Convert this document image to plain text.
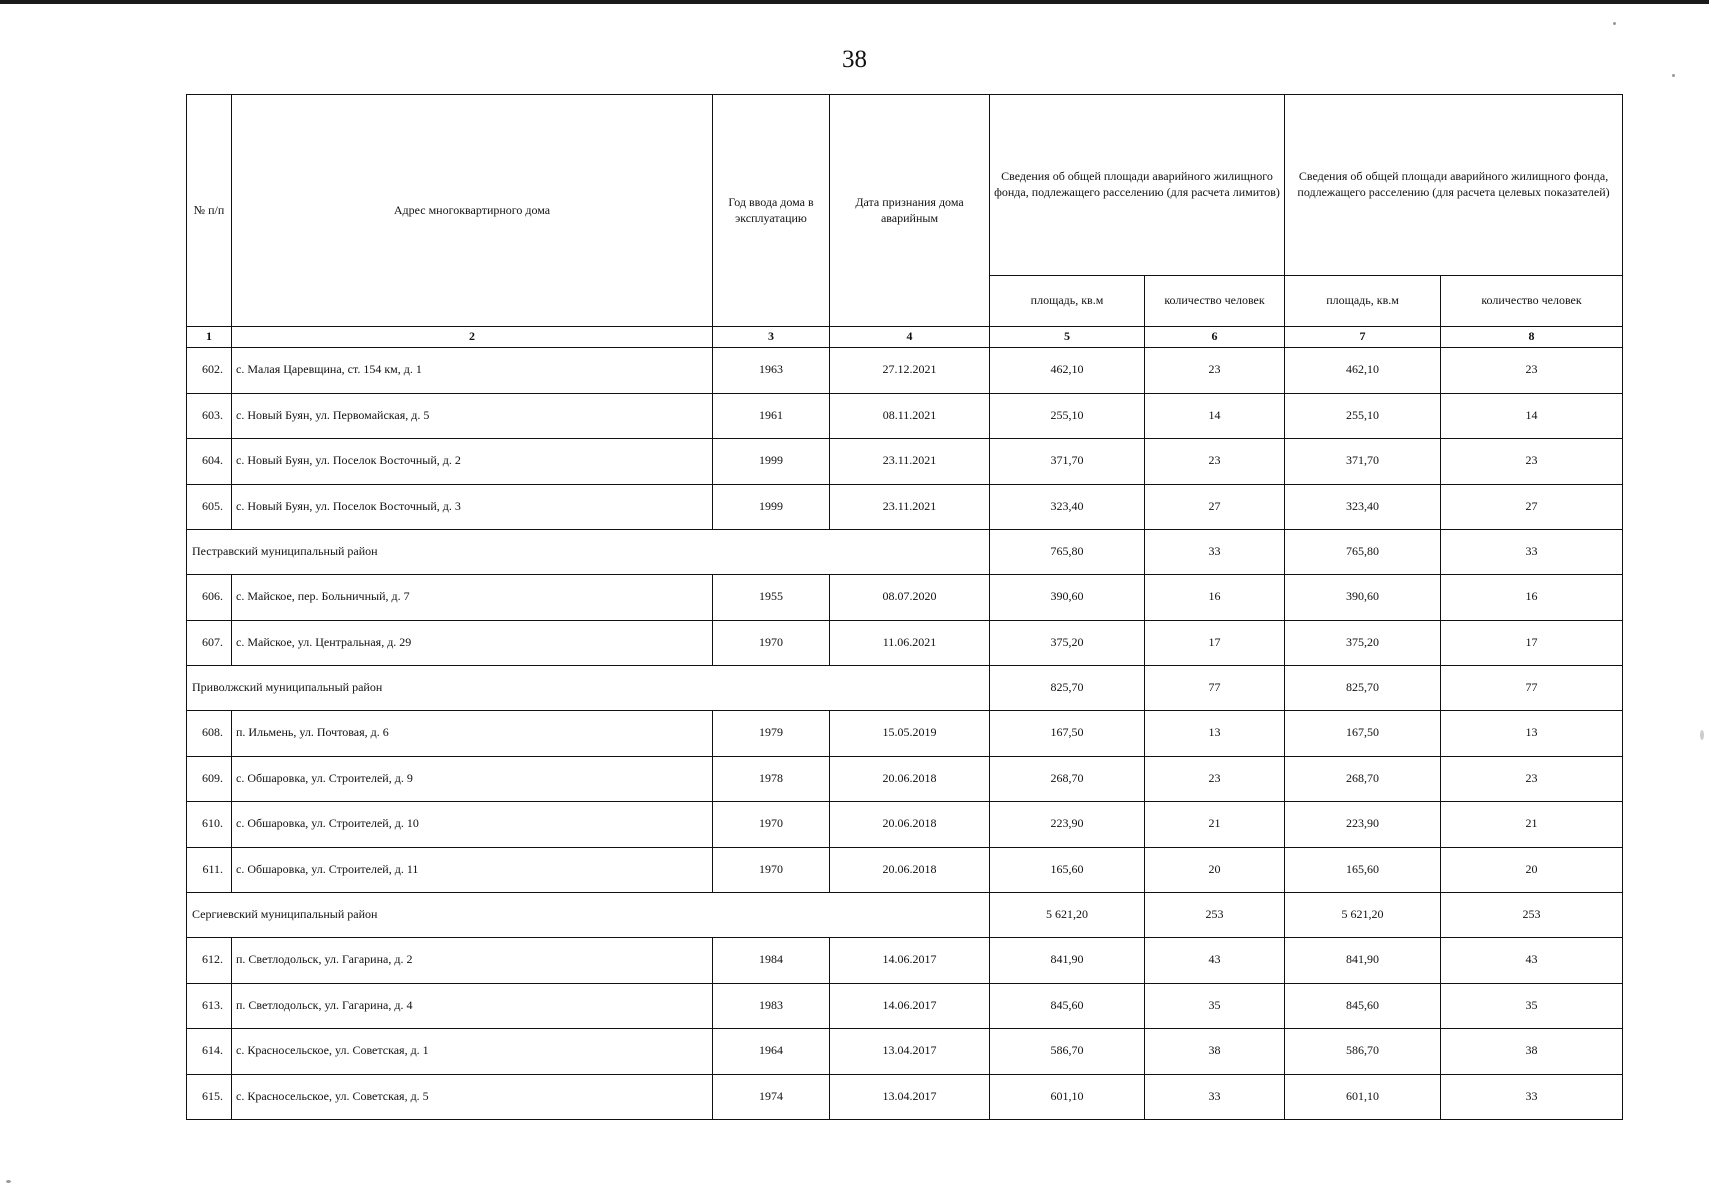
38
№ п/п	Адрес многоквартирного дома	Год ввода дома в эксплуатацию	Дата признания дома аварийным	Сведения об общей площади аварийного жилищного фонда, подлежащего расселению (для расчета лимитов)		Сведения об общей площади аварийного жилищного фонда, подлежащего расселению (для расчета целевых показателей)	
				площадь, кв.м	количество человек	площадь, кв.м	количество человек
1	2	3	4	5	6	7	8
602.	с. Малая Царевщина, ст. 154 км, д. 1	1963	27.12.2021	462,10	23	462,10	23
603.	с. Новый Буян, ул. Первомайская, д. 5	1961	08.11.2021	255,10	14	255,10	14
604.	с. Новый Буян, ул. Поселок Восточный, д. 2	1999	23.11.2021	371,70	23	371,70	23
605.	с. Новый Буян, ул. Поселок Восточный, д. 3	1999	23.11.2021	323,40	27	323,40	27
Пестравский муниципальный район				765,80	33	765,80	33
606.	с. Майское, пер. Больничный, д. 7	1955	08.07.2020	390,60	16	390,60	16
607.	с. Майское, ул. Центральная, д. 29	1970	11.06.2021	375,20	17	375,20	17
Приволжский муниципальный район				825,70	77	825,70	77
608.	п. Ильмень, ул. Почтовая, д. 6	1979	15.05.2019	167,50	13	167,50	13
609.	с. Обшаровка, ул. Строителей, д. 9	1978	20.06.2018	268,70	23	268,70	23
610.	с. Обшаровка, ул. Строителей, д. 10	1970	20.06.2018	223,90	21	223,90	21
611.	с. Обшаровка, ул. Строителей, д. 11	1970	20.06.2018	165,60	20	165,60	20
Сергиевский муниципальный район				5 621,20	253	5 621,20	253
612.	п. Светлодольск, ул. Гагарина, д. 2	1984	14.06.2017	841,90	43	841,90	43
613.	п. Светлодольск, ул. Гагарина, д. 4	1983	14.06.2017	845,60	35	845,60	35
614.	с. Красносельское, ул. Советская, д. 1	1964	13.04.2017	586,70	38	586,70	38
615.	с. Красносельское, ул. Советская, д. 5	1974	13.04.2017	601,10	33	601,10	33
